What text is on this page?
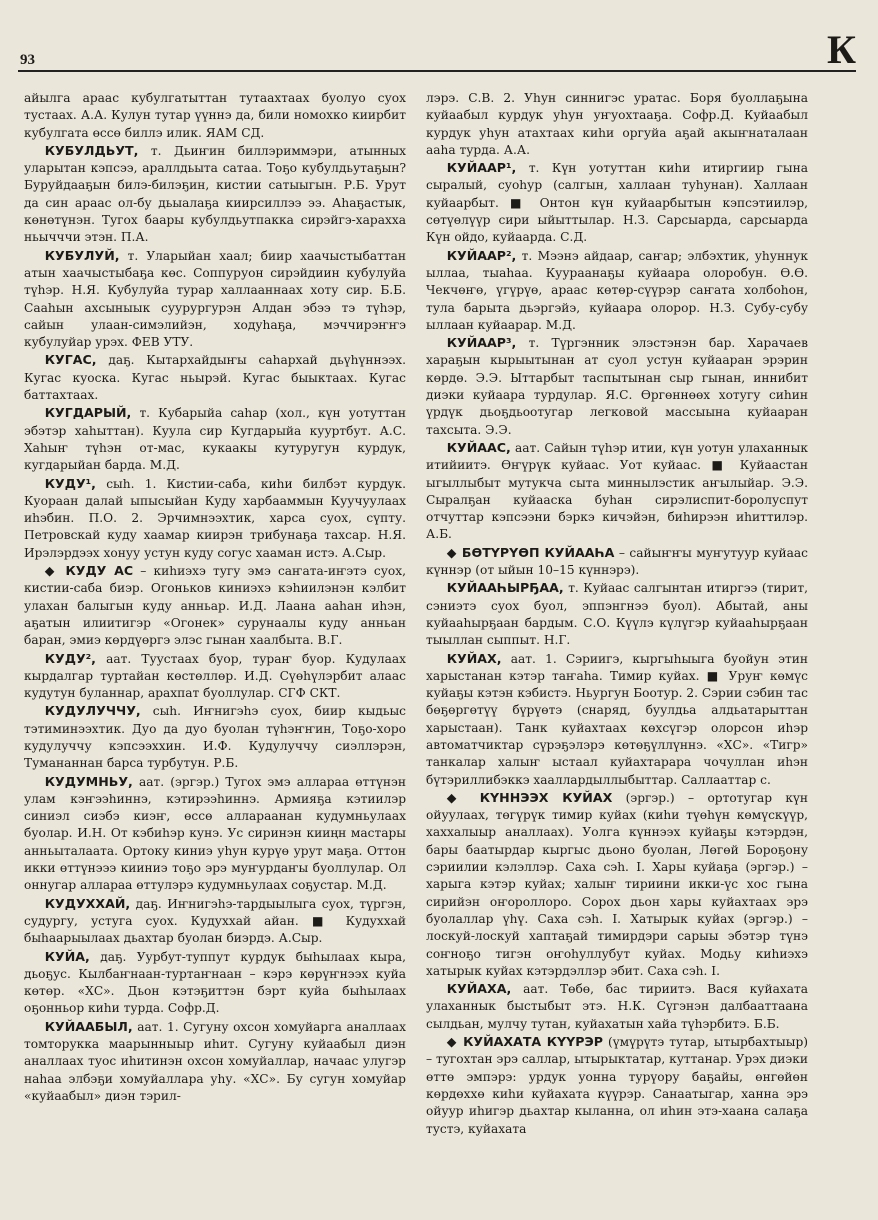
93	К

айылга араас кубулгатыттан тутаахтаах буолуо суох тустаах. А.А. Кулун тутар үүннэ да, били номохко киирбит кубулгата өссө биллэ илик. ЯАМ СД.

КУБУЛДЬУТ, т. Дьиҥин биллэриммэри, атынных уларытан кэпсээ, араллдьыта сатаа. Тоҕо кубулдьутаҕын? Буруйдааҕын билэ-билэҕин, кистии сатыыгын. Р.Б. Урут да син араас ол-бу дьыалаҕа киирсиллээ ээ. Аһаҕастык, көнөтүнэн. Тугох баары кубулдьутпакка сирэйгэ-харахха ньычччи этэн. П.А.

КУБУЛУЙ, т. Уларыйан хаал; биир хаачыстыбаттан атын хаачыстыбаҕа көс. Соппуруон сирэйдиин кубулуйа түһэр. Н.Я. Кубулуйа турар халлааннаах хоту сир. Б.Б. Сааһын ахсыныык суурургурэн Алдан эбээ тэ түһэр, сайын улаан-симэлийэн, ходуһаҕа, мэччирэҥҥэ кубулуйар урэх. ФЕВ УТУ.

КУГАС, даҕ. Кытархайдыҥы саһархай дьүһүннээх. Кугас куоска. Кугас ньырэй. Кугас быыктаах. Кугас баттахтаах.

КУГДАРЫЙ, т. Кубарыйа саһар (хол., күн уотуттан эбэтэр хаһыттан). Куула сир Кугдарыйа кууртбут. А.С. Хаһыҥ түһэн от-мас, кукаакы кутуругун курдук, кугдарыйан барда. М.Д.

КУДУ¹, сыһ. 1. Кистии-саба, киһи билбэт курдук. Куораан далай ыпысыйан Куду харбааммын Куучуулаах иһэбин. П.О. 2. Эрчимнээхтик, харса суох, сүпту. Петровскай куду хаамар киирэн трибунаҕа тахсар. Н.Я. Ирэлэрдээх хонуу устун куду согус хааман истэ. А.Сыр.

◆ КУДУ АС – киһиэхэ тугу эмэ саҥата-иҥэтэ суох, кистии-саба биэр. Огоньков киниэхэ кэһиилэнэн кэлбит улахан балыгын куду анньар. И.Д. Лаана ааһан иһэн, аҕатын илиитигэр «Огонек» сурунаалы куду анньан баран, эмиэ көрдүөргэ элэс гынан хаалбыта. В.Г.

КУДУ², аат. Туустаах буор, тураҥ буор. Кудулаах кырдалгар туртайан көстөллөр. И.Д. Сүөһүлэрбит алаас кудутун буланнар, арахпат буоллулар. СГФ СКТ.

КУДУЛУЧЧУ, сыһ. Иҥнигэһэ суох, биир кыдьыс тэтиминээхтик. Дуо да дуо буолан түһэҥҥин, Тоҕо-хоро кудулуччу кэпсээххин. И.Ф. Кудулуччу сиэллэрэн, Тумананнан барса турбутун. Р.Б.

КУДУМНЬУ, аат. (эргэр.) Тугох эмэ аллараа өттүнэн улам кэҥээһиннэ, кэтирээһиннэ. Армияҕа кэтиилэр синиэл сиэбэ киэҥ, өссө аллараанан кудумньулаах буолар. И.Н. От кэбиһэр кунэ. Ус сиринэн кииңн мастары анньыталаата. Ортоку киниэ уһун курүө урут маҕа. Оттон икки өттүнэээ кииниэ тоҕо эрэ муҥурдаҥы буоллулар. Ол оннугар аллараа өттулэрэ кудумньулаах соҕустар. М.Д.

КУДУХХАЙ, даҕ. Иҥнигэһэ-тардыылыга суох, түргэн, судургу, устуга суох. Кудуххай айан. ■ Кудуххай быһаарыылаах дьахтар буолан биэрдэ. А.Сыр.

КУЙА, даҕ. Уурбут-туппут курдук быһылаах кыра, дьоҕус. Кылбаҥнаан-туртаҥнаан – кэрэ көрүҥнээх куйа көтөр. «ХС». Дьон кэтэҕиттэн бэрт куйа быһылаах оҕонньор киһи турда. Софр.Д.

КУЙААБЫЛ, аат. 1. Сугуну охсон хомуйарга аналлаах томторукка маарынныыр иһит. Сугуну куйаабыл диэн аналлаах туос иһитинэн охсон хомуйаллар, начаас улугэр наһаа элбэҕи хомуйаллара уһу. «ХС». Бу сугун хомуйар «куйаабыл» диэн тэрил-

лэрэ. С.В. 2. Уһун синнигэс уратас. Боря буоллаҕына куйаабыл курдук уһун уҥуохтааҕа. Софр.Д. Куйаабыл курдук уһун атахтаах киһи оргуйа аҕай акыҥнаталаан ааһа турда. А.А.

КУЙААР¹, т. Күн уотуттан киһи итиргиир гына сыралый, суоһур (салгын, халлаан туһунан). Халлаан куйаарбыт. ■ Онтон күн куйаарбытын кэпсэтиилэр, сөтүөлүүр сири ыйыттылар. Н.З. Сарсыарда, сарсыарда Күн ойдо, куйаарда. С.Д.

КУЙААР², т. Мээнэ айдаар, саҥар; элбэхтик, уһуннук ыллаа, тыаһаа. Куураанаҕы куйаара олоробун. Ө.Ө. Чекчөҥө, үгүрүө, араас көтөр-сүүрэр саҥата холбоһон, тула барыта дьэргэйэ, куйаара олорор. Н.З. Субу-субу ыллаан куйаарар. М.Д.

КУЙААР³, т. Түргэнник элэстэнэн бар. Харачаев хараҕын кырыытынан ат суол устун куйааран эрэрин көрдө. Э.Э. Ыттарбыт таспытынан сыр гынан, иннибит диэки куйаара турдулар. Я.С. Өргөннөөх хотугу сиһин үрдүк дьоҕдьоотугар легковой массыына куйааран тахсыта. Э.Э.

КУЙААС, аат. Сайын түһэр итии, күн уотун улаханнык итийиитэ. Өҥүрүк куйаас. Уот куйаас. ■ Куйаастан ыгыллыбыт мутукча сыта миннылэстик аҥылыйар. Э.Э. Сыралҕан куйааска буһан сирэлиспит-боролуспут отчуттар кэпсээни бэркэ кичэйэн, биһирээн иһиттилэр. А.Б.

◆ БӨТҮРҮӨП КУЙААҺА – сайыҥҥы муҥутуур куйаас күннэр (от ыйын 10–15 күннэрэ).

КУЙААҺЫРҔАА, т. Куйаас салгынтан итиргээ (тирит, сэниэтэ суох буол, эппэнгнээ буол). Абытай, аны куйааһырҕаан бардым. С.О. Күүлэ күлүгэр куйааһырҕаан тыыллан сыппыт. Н.Г.

КУЙАХ, аат. 1. Сэриигэ, кыргыһыыга буойун этин харыстанан кэтэр таҥаһа. Тимир куйах. ■ Уруҥ көмүс куйаҕы кэтэн кэбистэ. Ньургун Боотур. 2. Сэрии сэбин тас бөҕөргөтүү бүрүөтэ (снаряд, буулдьа алдьатарыттан харыстаан). Танк куйахтаах көхсүгэр олорсон иһэр автоматчиктар сүрэҕэлэрэ көтөҕүллүннэ. «ХС». «Тигр» танкалар халыҥ ыстаал куйахтарара чочуллан иһэн бүтэриллибэккэ хааллардыллыбыттар. Саллааттар с.

◆ КҮННЭЭХ КУЙАХ (эргэр.) – ортотугар күн ойуулаах, төгүрүк тимир куйах (киһи түөһүн көмүскүүр, хаххалыыр аналлаах). Уолга күннээх куйаҕы кэтэрдэн, бары баатырдар кыргыс дьоно буолан, Лөгөй Бороҕону сэриилии кэлэллэр. Саха сэһ. I. Хары куйаҕа (эргэр.) – харыга кэтэр куйах; халыҥ тириини икки-үс хос гына сирийэн оҥороллоро. Сорох дьон хары куйахтаах эрэ буолаллар үһү. Саха сэһ. I. Хатырык куйах (эргэр.) – лоскуй-лоскуй хаптаҕай тимирдэри сарыы эбэтэр түнэ соҥноҕо тигэн оҥоһуллубут куйах. Модьу киһиэхэ хатырык куйах кэтэрдэллэр эбит. Саха сэһ. I.

КУЙАХА, аат. Төбө, бас тириитэ. Вася куйахата улаханнык быстыбыт этэ. Н.К. Сүгэнэн далбааттаана сылдьан, мулчу тутан, куйахатын хайа түһэрбитэ. Б.Б.

◆ КУЙАХАТА КҮҮРЭР (үмүрүтэ тутар, ытырбахтыыр) – тугохтан эрэ саллар, ытырыктатар, куттанар. Урэх диэки өттө эмпэрэ: урдук уонна турүору баҕайы, өнгөйөн көрдөххө киһи куйахата күүрэр. Санаатыгар, ханна эрэ ойуур иһигэр дьахтар кыланна, ол иһин этэ-хаана салаҕа тустэ, куйахата
